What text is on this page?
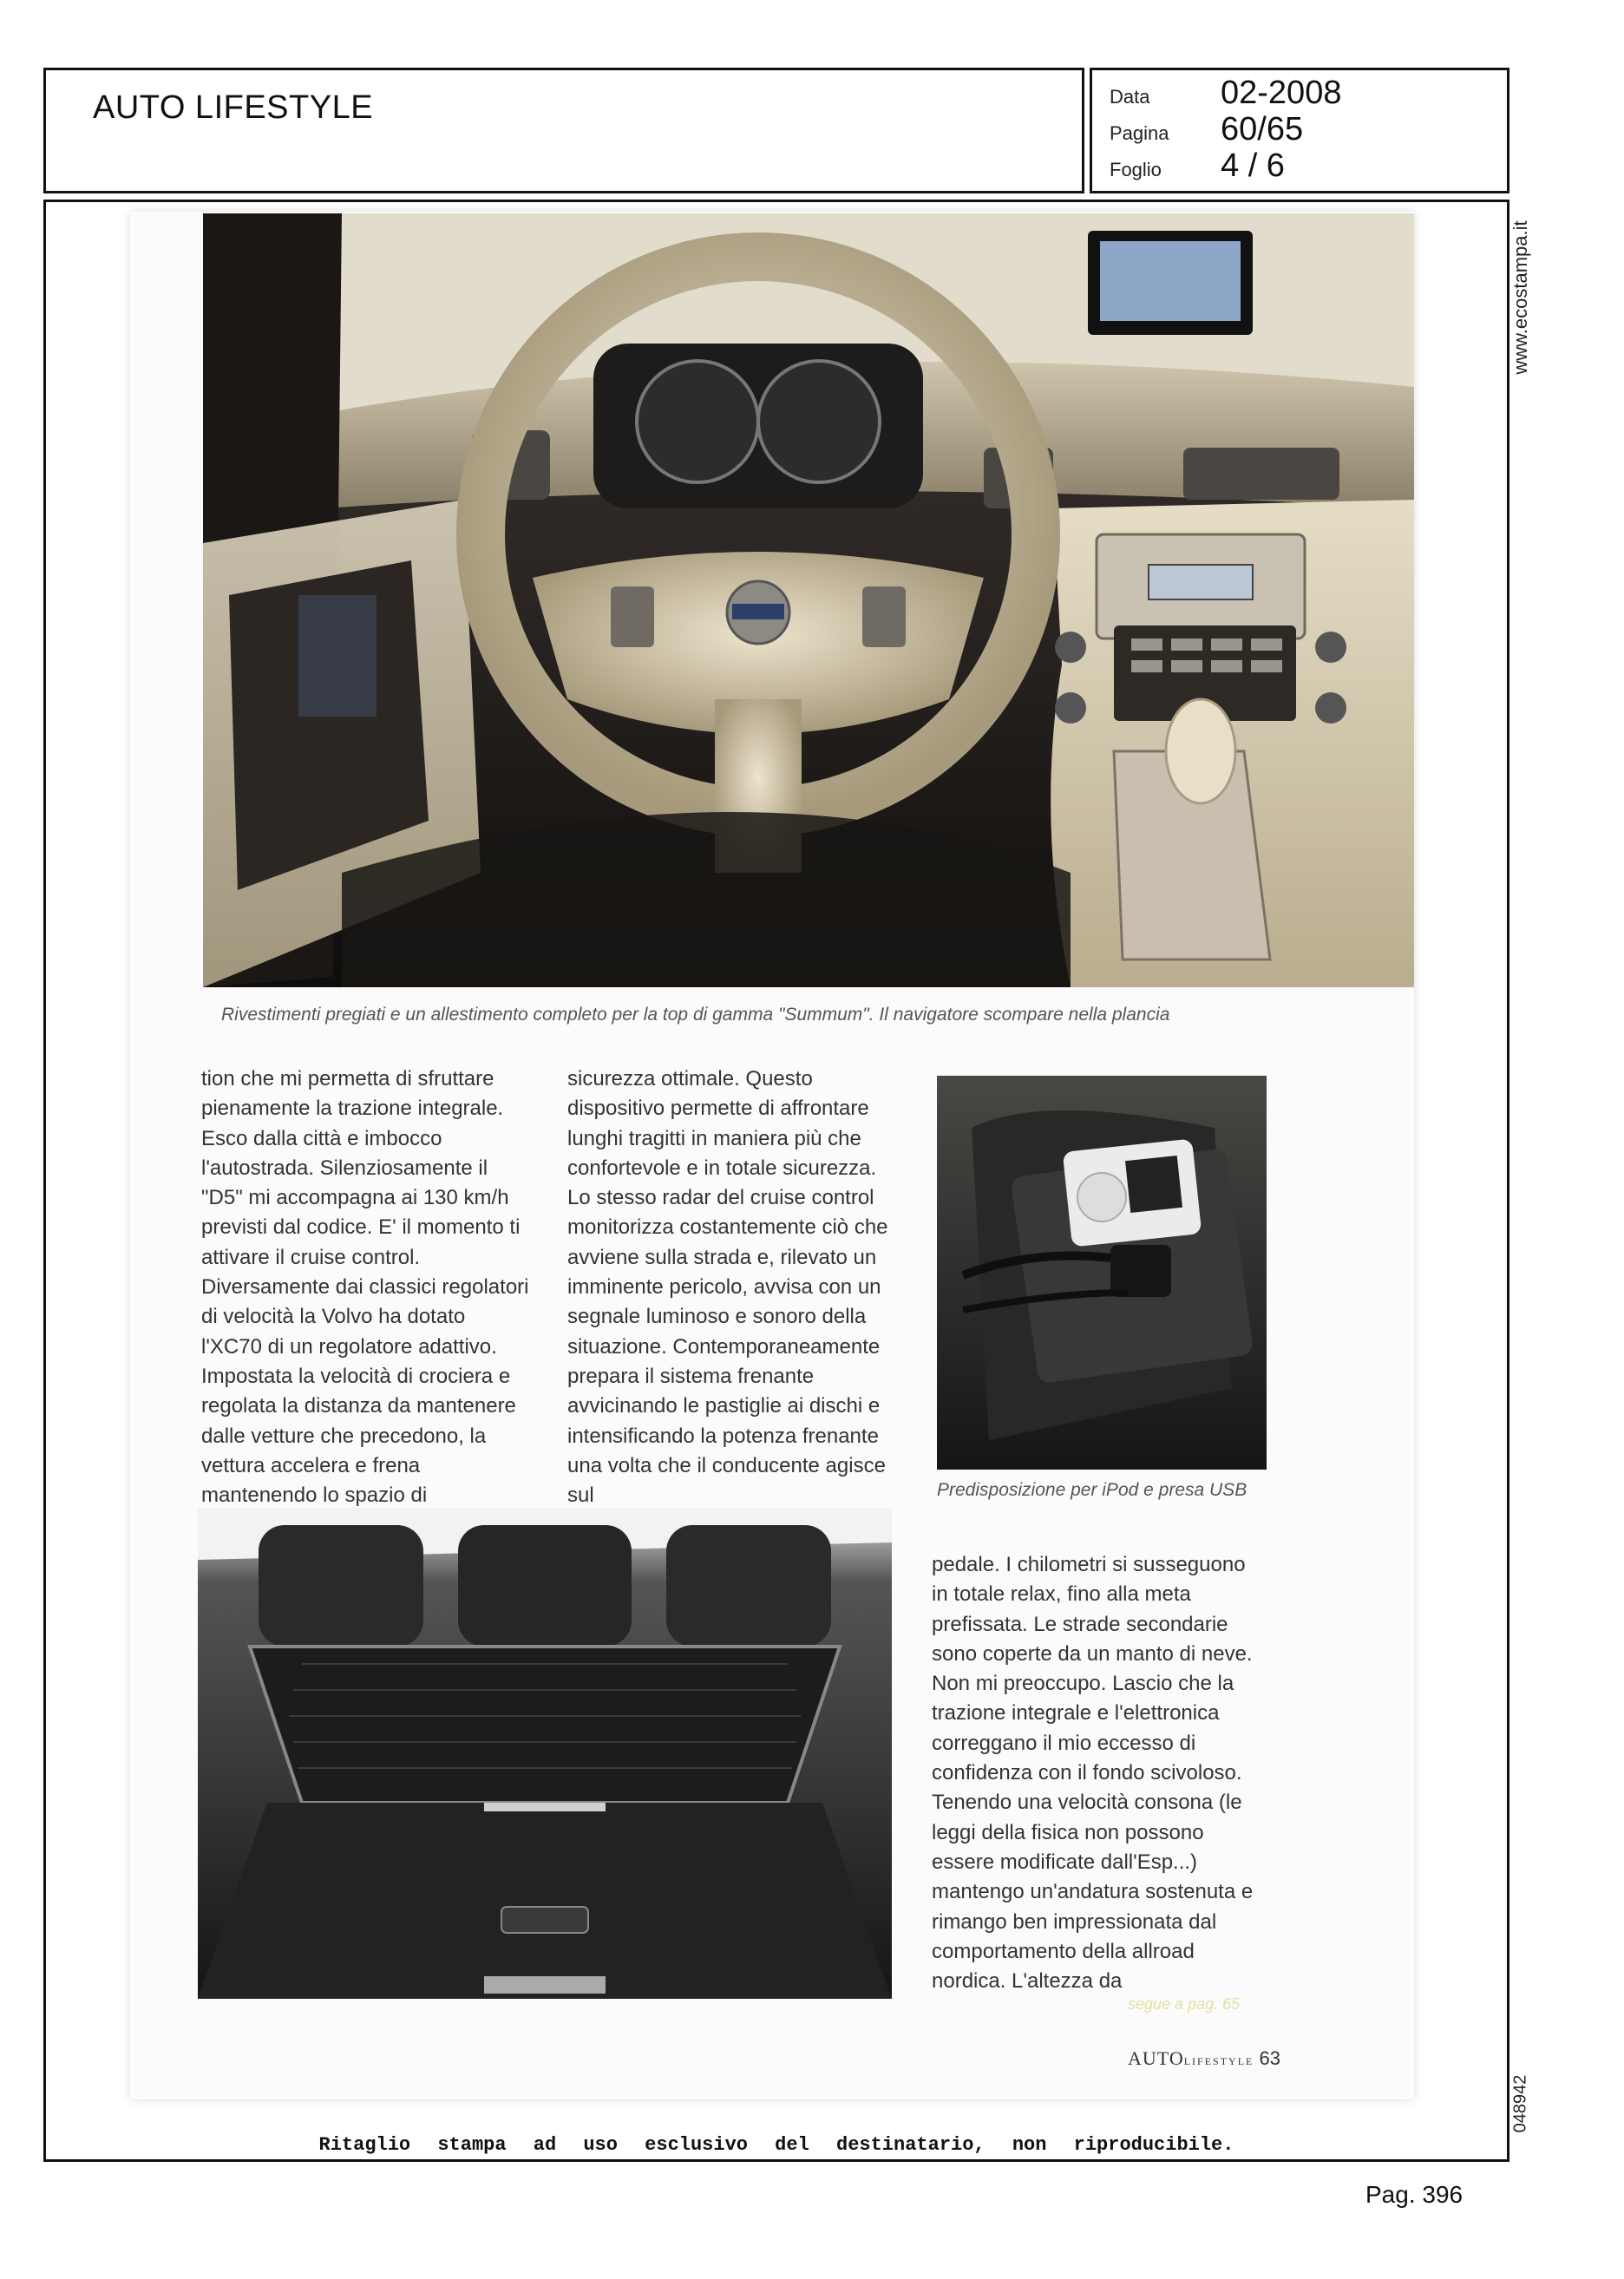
AUTO LIFESTYLE	Data 02-2008
Pagina 60/65
Foglio 4 / 6
www.ecostampa.it
048942
Rivestimenti pregiati e un allestimento completo per la top di gamma "Summum". Il navigatore scompare nella plancia

tion che mi permetta di sfruttare pienamente la trazione integrale. Esco dalla città e imbocco l'autostrada. Silenziosamente il "D5" mi accompagna ai 130 km/h previsti dal codice. E' il momento ti attivare il cruise control. Diversamente dai classici regolatori di velocità la Volvo ha dotato l'XC70 di un regolatore adattivo. Impostata la velocità di crociera e regolata la distanza da mantenere dalle vetture che precedono, la vettura accelera e frena mantenendo lo spazio di

sicurezza ottimale. Questo dispositivo permette di affrontare lunghi tragitti in maniera più che confortevole e in totale sicurezza. Lo stesso radar del cruise control monitorizza costantemente ciò che avviene sulla strada e, rilevato un imminente pericolo, avvisa con un segnale luminoso e sonoro della situazione. Contemporaneamente prepara il sistema frenante avvicinando le pastiglie ai dischi e intensificando la potenza frenante una volta che il conducente agisce sul	Predisposizione per iPod e presa USB

pedale. I chilometri si susseguono in totale relax, fino alla meta prefissata. Le strade secondarie sono coperte da un manto di neve. Non mi preoccupo. Lascio che la trazione integrale e l'elettronica correggano il mio eccesso di confidenza con il fondo scivoloso. Tenendo una velocità consona (le leggi della fisica non possono essere modificate dall'Esp...) mantengo un'andatura sostenuta e rimango ben impressionata dal comportamento della allroad nordica. L'altezza da

segue a pag. 65
AUTOLIFESTYLE 63
Ritaglio stampa ad uso esclusivo del destinatario, non riproducibile.
Pag. 396
